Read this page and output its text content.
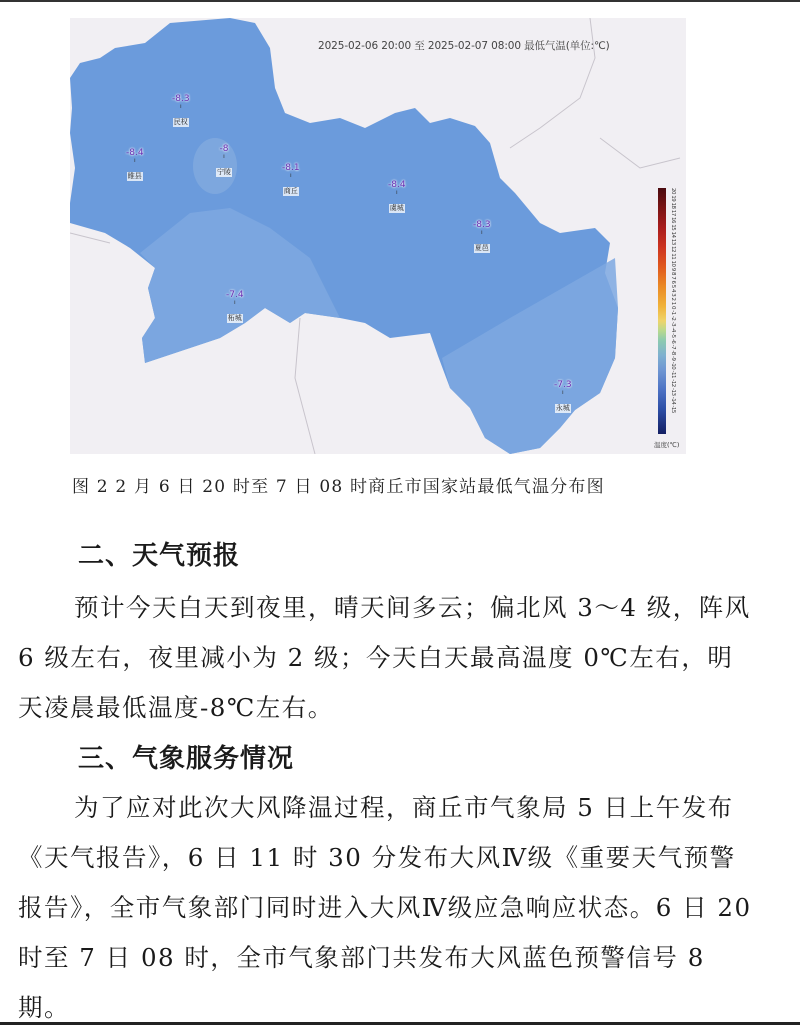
2025-02-06 20:00 至 2025-02-07 08:00 最低气温(单位:℃)
-8.3
ı
民权
-8.4
ı
睢县
-8
ı
宁陵	-8.1
ı
商丘
-8.4
ı
虞城
-8.3
ı
夏邑
-7.4
ı
柘城
-7.3
ı
永城	20 19 18 17 16 15 14 13 12 11 10 9 8 7 6 5 4 3 2 1 0 -1 -2 -3 -4 -5 -6 -7 -8 -9 -10 -11 -12 -13 -14 -15
温度(℃)
图 2 2 月 6 日 20 时至 7 日 08 时商丘市国家站最低气温分布图
二、天气预报
预计今天白天到夜里，晴天间多云；偏北风 3～4 级，阵风 6 级左右，夜里减小为 2 级；今天白天最高温度 0℃左右，明天凌晨最低温度-8℃左右。
三、气象服务情况
为了应对此次大风降温过程，商丘市气象局 5 日上午发布《天气报告》，6 日 11 时 30 分发布大风Ⅳ级《重要天气预警报告》，全市气象部门同时进入大风Ⅳ级应急响应状态。6 日 20 时至 7 日 08 时，全市气象部门共发布大风蓝色预警信号 8 期。
